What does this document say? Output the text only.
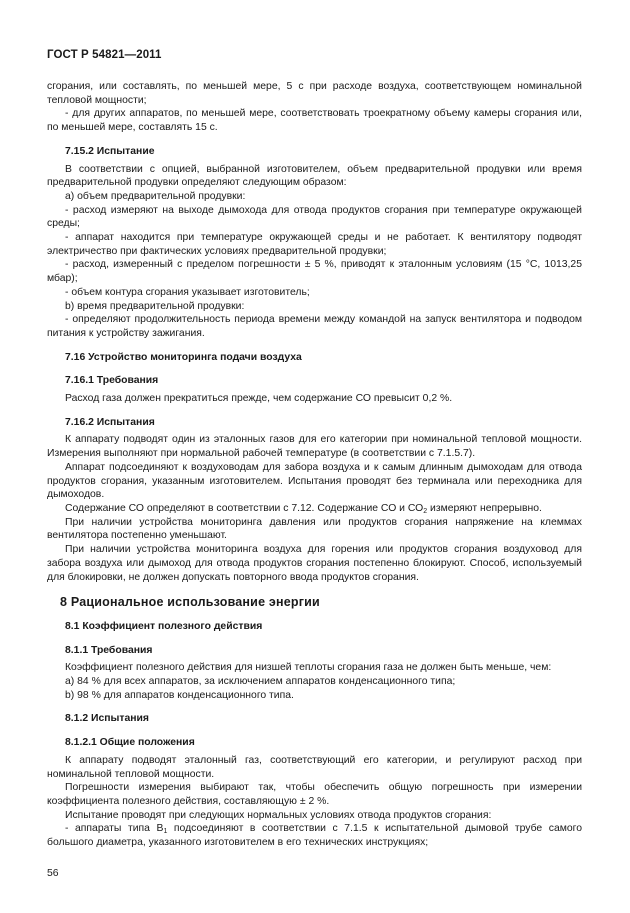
ГОСТ Р 54821—2011

сгорания, или составлять, по меньшей мере, 5 с при расходе воздуха, соответствующем номинальной тепловой мощности;

- для других аппаратов, по меньшей мере, соответствовать троекратному объему камеры сгорания или, по меньшей мере, составлять 15 с.

7.15.2 Испытание

В соответствии с опцией, выбранной изготовителем, объем предварительной продувки или время предварительной продувки определяют следующим образом:

a) объем предварительной продувки:

- расход измеряют на выходе дымохода для отвода продуктов сгорания при температуре окружающей среды;

- аппарат находится при температуре окружающей среды и не работает. К вентилятору подводят электричество при фактических условиях предварительной продувки;

- расход, измеренный с пределом погрешности ± 5 %, приводят к эталонным условиям (15 °C, 1013,25 мбар);

- объем контура сгорания указывает изготовитель;

b) время предварительной продувки:

- определяют продолжительность периода времени между командой на запуск вентилятора и подводом питания к устройству зажигания.

7.16 Устройство мониторинга подачи воздуха

7.16.1 Требования

Расход газа должен прекратиться прежде, чем содержание СО превысит 0,2 %.

7.16.2 Испытания

К аппарату подводят один из эталонных газов для его категории при номинальной тепловой мощности. Измерения выполняют при нормальной рабочей температуре (в соответствии с 7.1.5.7).

Аппарат подсоединяют к воздуховодам для забора воздуха и к самым длинным дымоходам для отвода продуктов сгорания, указанным изготовителем. Испытания проводят без терминала или переходника для дымоходов.

Содержание СО определяют в соответствии с 7.12. Содержание СО и $СО_2$ измеряют непрерывно.

При наличии устройства мониторинга давления или продуктов сгорания напряжение на клеммах вентилятора постепенно уменьшают.

При наличии устройства мониторинга воздуха для горения или продуктов сгорания воздуховод для забора воздуха или дымоход для отвода продуктов сгорания постепенно блокируют. Способ, используемый для блокировки, не должен допускать повторного ввода продуктов сгорания.

8 Рациональное использование энергии

8.1 Коэффициент полезного действия

8.1.1 Требования

Коэффициент полезного действия для низшей теплоты сгорания газа не должен быть меньше, чем:

a) 84 % для всех аппаратов, за исключением аппаратов конденсационного типа;

b) 98 % для аппаратов конденсационного типа.

8.1.2 Испытания

8.1.2.1 Общие положения

К аппарату подводят эталонный газ, соответствующий его категории, и регулируют расход при номинальной тепловой мощности.

Погрешности измерения выбирают так, чтобы обеспечить общую погрешность при измерении коэффициента полезного действия, составляющую ± 2 %.

Испытание проводят при следующих нормальных условиях отвода продуктов сгорания:

- аппараты типа $В_1$ подсоединяют в соответствии с 7.1.5 к испытательной дымовой трубе самого большого диаметра, указанного изготовителем в его технических инструкциях;

56
